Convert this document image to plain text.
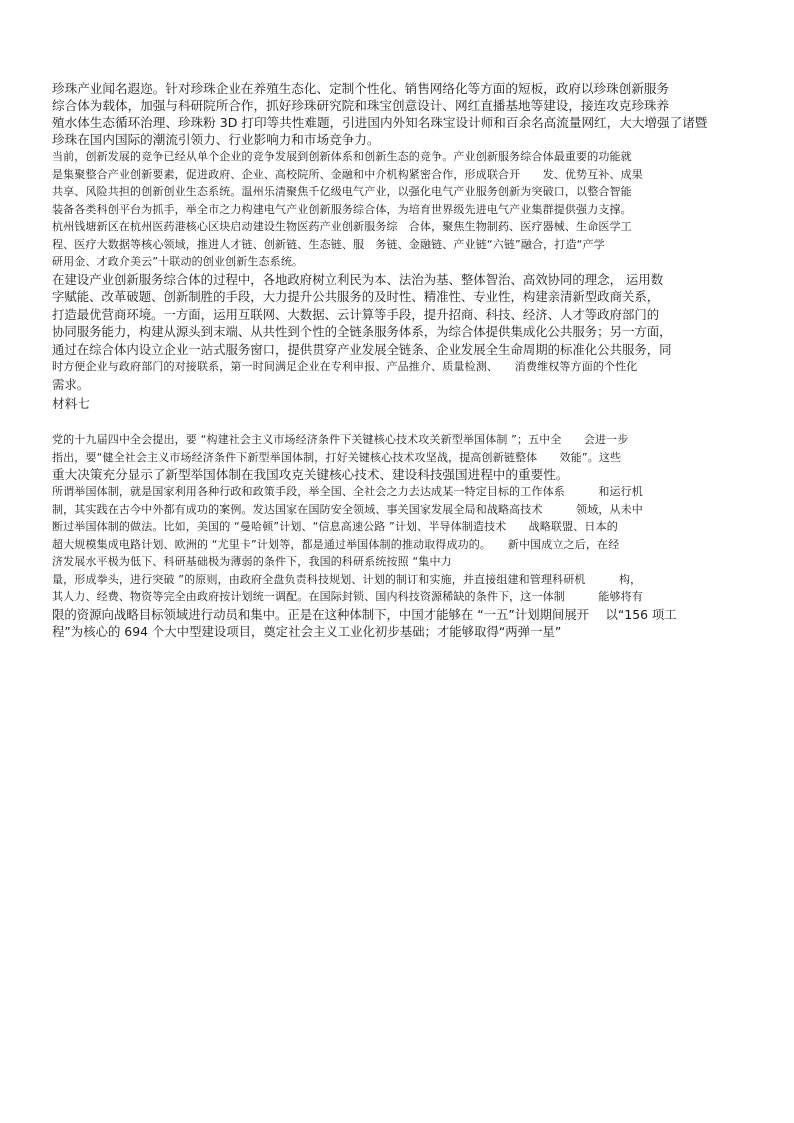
珍珠产业闻名遐迩。针对珍珠企业在养殖生态化、定制个性化、销售网络化等方面的短板，政府以珍珠创新服务

综合体为载体，加强与科研院所合作，抓好珍珠研究院和珠宝创意设计、网红直播基地等建设，接连攻克珍珠养

殖水体生态循环治理、珍珠粉 3D 打印等共性难题，引进国内外知名珠宝设计师和百余名高流量网红，大大增强了诸暨

珍珠在国内国际的潮流引领力、行业影响力和市场竞争力。

当前，创新发展的竞争已经从单个企业的竞争发展到创新体系和创新生态的竞争。产业创新服务综合体最重要的功能就

是集聚整合产业创新要素，促进政府、企业、高校院所、金融和中介机构紧密合作，形成联合开　　发、优势互补、成果

共享、风险共担的创新创业生态系统。温州乐清聚焦千亿级电气产业，以强化电气产业服务创新为突破口，以整合智能

装备各类科创平台为抓手，举全市之力构建电气产业创新服务综合体，为培育世界级先进电气产业集群提供强力支撑。

杭州钱塘新区在杭州医药港核心区块启动建设生物医药产业创新服务综　合体，聚焦生物制药、医疗器械、生命医学工

程、医疗大数据等核心领域，推进人才链、创新链、生态链、服　务链、金融链、产业链“六链”融合，打造“产学

研用金、才政介美云”十联动的创业创新生态系统。

在建设产业创新服务综合体的过程中，各地政府树立利民为本、法治为基、整体智治、高效协同的理念， 运用数

字赋能、改革破题、创新制胜的手段，大力提升公共服务的及时性、精准性、专业性，构建亲清新型政商关系，

打造最优营商环境。一方面，运用互联网、大数据、云计算等手段，提升招商、科技、经济、人才等政府部门的

协同服务能力，构建从源头到末端、从共性到个性的全链条服务体系，为综合体提供集成化公共服务；另一方面，

通过在综合体内设立企业一站式服务窗口，提供贯穿产业发展全链条、企业发展全生命周期的标准化公共服务，同

时方便企业与政府部门的对接联系，第一时间满足企业在专利申报、产品推介、质量检测、　　消费维权等方面的个性化

需求。

材料七

党的十九届四中全会提出，要 “构建社会主义市场经济条件下关键核心技术攻关新型举国体制 ”；五中全　　会进一步

指出，要“健全社会主义市场经济条件下新型举国体制，打好关键核心技术攻坚战，提高创新链整体　　效能”。这些

重大决策充分显示了新型举国体制在我国攻克关键核心技术、建设科技强国进程中的重要性。

所谓举国体制，就是国家利用各种行政和政策手段，举全国、全社会之力去达成某一特定目标的工作体系　　　和运行机

制，其实践在古今中外都有成功的案例。发达国家在国防安全领域、事关国家发展全局和战略高技术　　　领域，从未中

断过举国体制的做法。比如，美国的 “曼哈顿”计划、“信息高速公路 ”计划、半导体制造技术　　战略联盟、日本的

超大规模集成电路计划、欧洲的 “尤里卡”计划等，都是通过举国体制的推动取得成功的。　　新中国成立之后，在经

济发展水平极为低下、科研基础极为薄弱的条件下，我国的科研系统按照 “集中力

量，形成拳头，进行突破 ”的原则，由政府全盘负责科技规划、计划的制订和实施，并直接组建和管理科研机　　　构，

其人力、经费、物资等完全由政府按计划统一调配。在国际封锁、国内科技资源稀缺的条件下，这一体制　　　能够将有

限的资源向战略目标领域进行动员和集中。正是在这种体制下，中国才能够在 “一五”计划期间展开　 以“156 项工

程”为核心的 694 个大中型建设项目，奠定社会主义工业化初步基础；才能够取得“两弹一星”
